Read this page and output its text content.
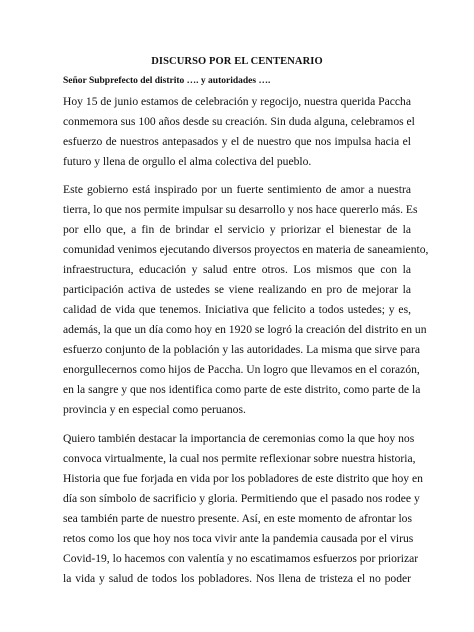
DISCURSO POR EL CENTENARIO
Señor Subprefecto del distrito …. y autoridades ….
Hoy 15 de junio estamos de celebración y regocijo, nuestra querida Paccha
conmemora sus 100 años desde su creación. Sin duda alguna, celebramos el
esfuerzo de nuestros antepasados y el de nuestro que nos impulsa hacia el
futuro y llena de orgullo el alma colectiva del pueblo.
Este gobierno está inspirado por un fuerte sentimiento de amor a nuestra
tierra, lo que nos permite impulsar su desarrollo y nos hace quererlo más. Es
por ello que, a fin de brindar el servicio y priorizar el bienestar de la
comunidad venimos ejecutando diversos proyectos en materia de saneamiento,
infraestructura, educación y salud entre otros. Los mismos que con la
participación activa de ustedes se viene realizando en pro de mejorar la
calidad de vida que tenemos. Iniciativa que felicito a todos ustedes; y es,
además, la que un día como hoy en 1920 se logró la creación del distrito en un
esfuerzo conjunto de la población y las autoridades. La misma que sirve para
enorgullecernos como hijos de Paccha. Un logro que llevamos en el corazón,
en la sangre y que nos identifica como parte de este distrito, como parte de la
provincia y en especial como peruanos.
Quiero también destacar la importancia de ceremonias como la que hoy nos
convoca virtualmente, la cual nos permite reflexionar sobre nuestra historia,
Historia que fue forjada en vida por los pobladores de este distrito que hoy en
día son símbolo de sacrificio y gloria. Permitiendo que el pasado nos rodee y
sea también parte de nuestro presente. Así, en este momento de afrontar los
retos como los que hoy nos toca vivir ante la pandemia causada por el virus
Covid-19, lo hacemos con valentía y no escatimamos esfuerzos por priorizar
la vida y salud de todos los pobladores. Nos llena de tristeza el no poder
